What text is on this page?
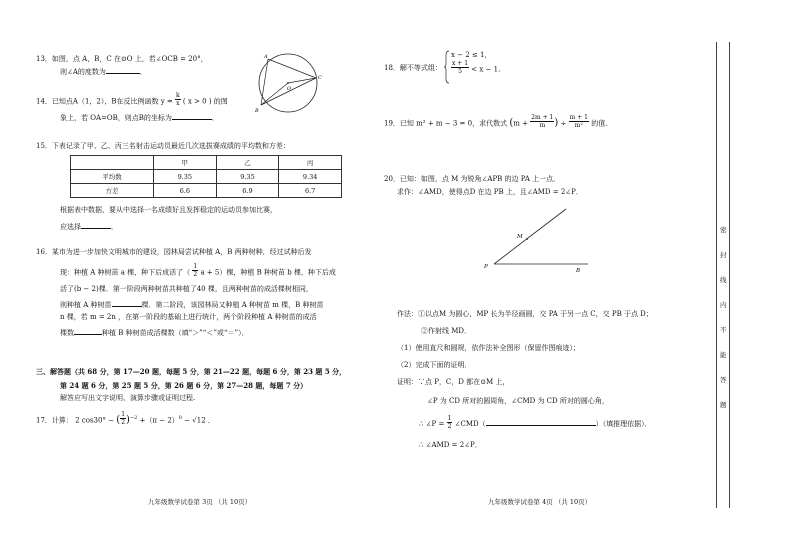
13．如图，点 A，B，C 在⊙O 上，若∠OCB = 20°，
则∠A的度数为	．
A
B
C
O
14．已知点A（1，2），B在反比例函数 $y = \frac{k}{x}$ ( x > 0 ) 的图
象上，若 OA=OB，则点B的坐标为	．
15．下表记录了甲、乙、丙三名射击运动员最近几次选拔赛成绩的平均数和方差：
	甲	乙	丙
平均数	9.35	9.35	9.34
方差	6.6	6.9	6.7
根据表中数据，要从中选择一名成绩好且发挥稳定的运动员参加比赛，
应选择	．
16．某市为进一步加快文明城市的建设，园林局尝试种植 A，B 两种树种．经过试种后发
现：种植 A 种树苗 a 棵，种下后成活了（ $\frac{1}{2}$ a + 5）棵，种植 B 种树苗 b 棵，种下后成
活了(b − 2)棵．第一阶段两种树苗共种植了40 棵，且两种树苗的成活棵树相同，
则种植 A 种树苗	棵．第二阶段，该园林局又种植 A 种树苗 m 棵，B 种树苗
n 棵，若 m = 2n ，在第一阶段的基础上进行统计，两个阶段种植 A 种树苗的成活
棵数	种植 B 种树苗成活棵数（填“＞”“＜”或“＝”）．
三、解答题（共 68 分，第 17—20 题，每题 5 分，第 21—22 题，每题 6 分，第 23 题 5 分，
第 24 题 6 分，第 25 题 5 分，第 26 题 6 分，第 27—28 题，每题 7 分）
解答应写出文字说明、演算步骤或证明过程.
17．计算： 2 cos30° − ( $\frac{1}{2} )^{-2} +(\pi - 2)^0 - √12$ ．
九年级数学试卷第 3页 （共 10页）
18．解不等式组：
x − 2 ≤ 1，
$\frac{x + 1}{5} < x - 1$.
19．已知 m² + m − 3 = 0，求代数式 ($m + \frac{2m + 1}{m}$ ) ÷ $\frac{m + 1}{\text{m²}}$ 的值．
20．已知：如图，点 M 为锐角∠APB 的边 PA 上一点．
求作：∠AMD，使得点D 在边 PB 上，且∠AMD = 2∠P．
M
P
B
作法：①以点M 为圆心，MP 长为半径画圆，交 PA 于另一点 C，交 PB 于点 D；
②作射线 MD．
（1）使用直尺和圆规，依作法补全图形（保留作图痕迹）；
（2）完成下面的证明．
证明：∵点 P，C，D 都在⊙M 上，
∠P 为 CD 所对的圆周角，∠CMD 为 CD 所对的圆心角，
∴ ∠P = $\frac{1}{2}$ ∠CMD（	）（填推理依据）．
∴ ∠AMD = 2∠P．
九年级数学试卷第 4页 （共 10页）
密
封
线
内
不
能
答
题
